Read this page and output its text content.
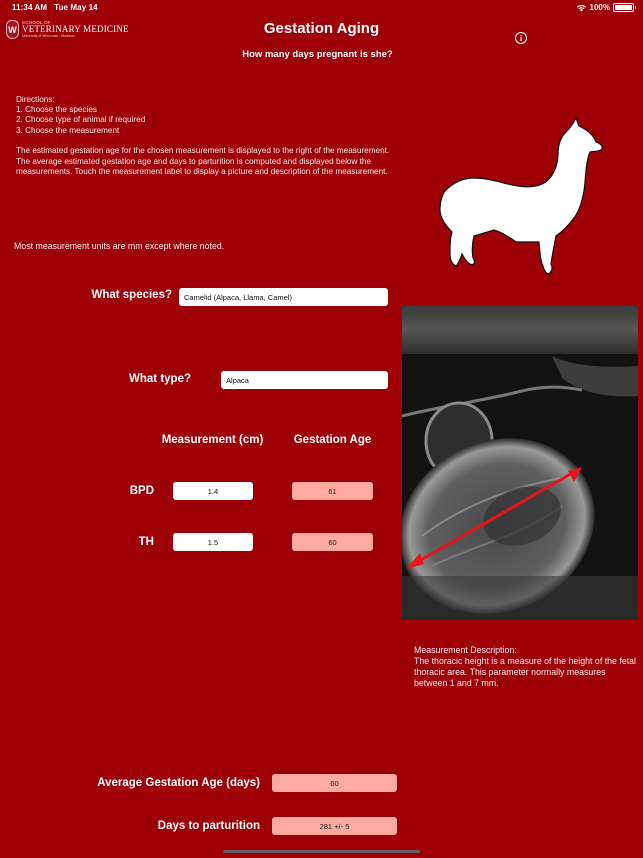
11:34 AM Tue May 14	100%
W
SCHOOL OF
VETERINARY MEDICINE
University of Wisconsin - Madison	Gestation Aging
How many days pregnant is she?
i

Directions:

1. Choose the species

2. Choose type of animal if required

3. Choose the measurement

The estimated gestation age for the chosen measurement is displayed to the right of the measurement. The average estimated gestation age and days to parturition is computed and displayed below the measurements. Touch the measurement label to display a picture and description of the measurement.

Most measurement units are mm except where noted.
What species?	Camelid (Alpaca, Llama, Camel)
What type?	Alpaca
Measurement (cm)	Gestation Age
BPD	1.4	61
TH	1.5	60
Measurement Description:
The thoracic height is a measure of the height of the fetal thoracic area. This parameter normally measures between 1 and 7 mm.
Average Gestation Age (days)	60
Days to parturition	281 +/- 5
